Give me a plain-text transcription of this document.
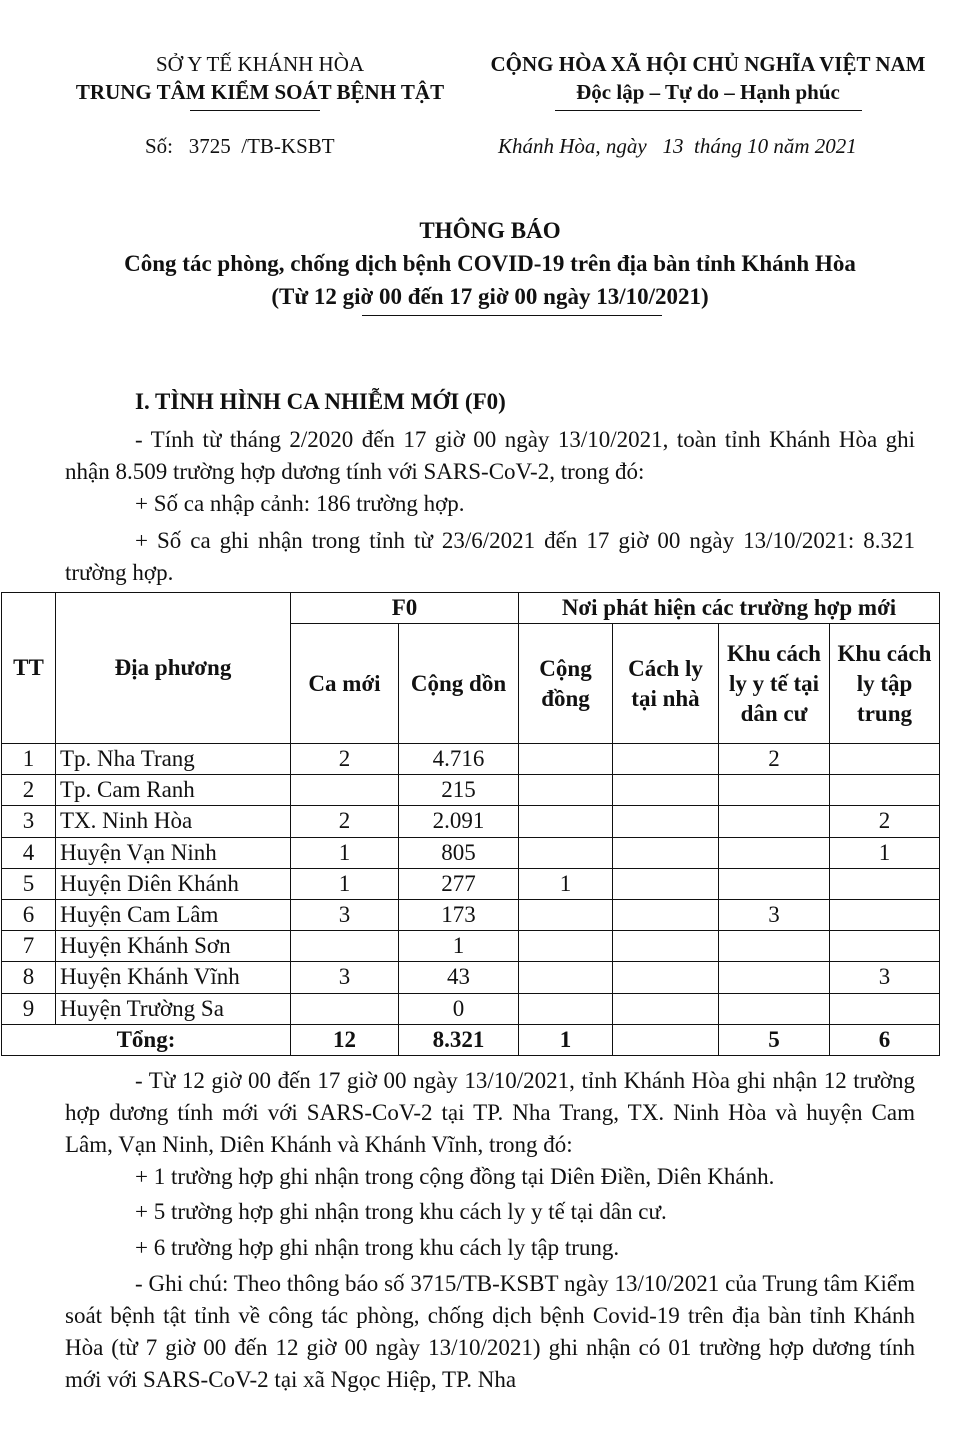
SỞ Y TẾ KHÁNH HÒA
TRUNG TÂM KIỂM SOÁT BỆNH TẬT
CỘNG HÒA XÃ HỘI CHỦ NGHĨA VIỆT NAM
Độc lập – Tự do – Hạnh phúc
Số:   3725  /TB-KSBT	Khánh Hòa, ngày   13  tháng 10 năm 2021
THÔNG BÁO
Công tác phòng, chống dịch bệnh COVID-19 trên địa bàn tỉnh Khánh Hòa
(Từ 12 giờ 00 đến 17 giờ 00 ngày 13/10/2021)
I. TÌNH HÌNH CA NHIỄM MỚI (F0)
- Tính từ tháng 2/2020 đến 17 giờ 00 ngày 13/10/2021, toàn tỉnh Khánh Hòa ghi nhận 8.509 trường hợp dương tính với SARS-CoV-2, trong đó:
+ Số ca nhập cảnh: 186 trường hợp.
+ Số ca ghi nhận trong tỉnh từ 23/6/2021 đến 17 giờ 00 ngày 13/10/2021: 8.321 trường hợp.
TT	Địa phương	F0		Nơi phát hiện các trường hợp mới			
		Ca mới	Cộng dồn	Cộng đồng	Cách ly tại nhà	Khu cách ly y tế tại dân cư	Khu cách ly tập trung
1	Tp. Nha Trang	2	4.716			2	
2	Tp. Cam Ranh		215				
3	TX. Ninh Hòa	2	2.091				2
4	Huyện Vạn Ninh	1	805				1
5	Huyện Diên Khánh	1	277	1			
6	Huyện Cam Lâm	3	173			3	
7	Huyện Khánh Sơn		1				
8	Huyện Khánh Vĩnh	3	43				3
9	Huyện Trường Sa		0				
Tổng:		12	8.321	1		5	6
- Từ 12 giờ 00 đến 17 giờ 00 ngày 13/10/2021, tỉnh Khánh Hòa ghi nhận 12 trường hợp dương tính mới với SARS-CoV-2 tại TP. Nha Trang, TX. Ninh Hòa và huyện Cam Lâm, Vạn Ninh, Diên Khánh và Khánh Vĩnh, trong đó:
+ 1 trường hợp ghi nhận trong cộng đồng tại Diên Điền, Diên Khánh.
+ 5 trường hợp ghi nhận trong khu cách ly y tế tại dân cư.
+ 6 trường hợp ghi nhận trong khu cách ly tập trung.
- Ghi chú: Theo thông báo số 3715/TB-KSBT ngày 13/10/2021 của Trung tâm Kiểm soát bệnh tật tỉnh về công tác phòng, chống dịch bệnh Covid-19 trên địa bàn tỉnh Khánh Hòa (từ 7 giờ 00 đến 12 giờ 00 ngày 13/10/2021) ghi nhận có 01 trường hợp dương tính mới với SARS-CoV-2 tại xã Ngọc Hiệp, TP. Nha
